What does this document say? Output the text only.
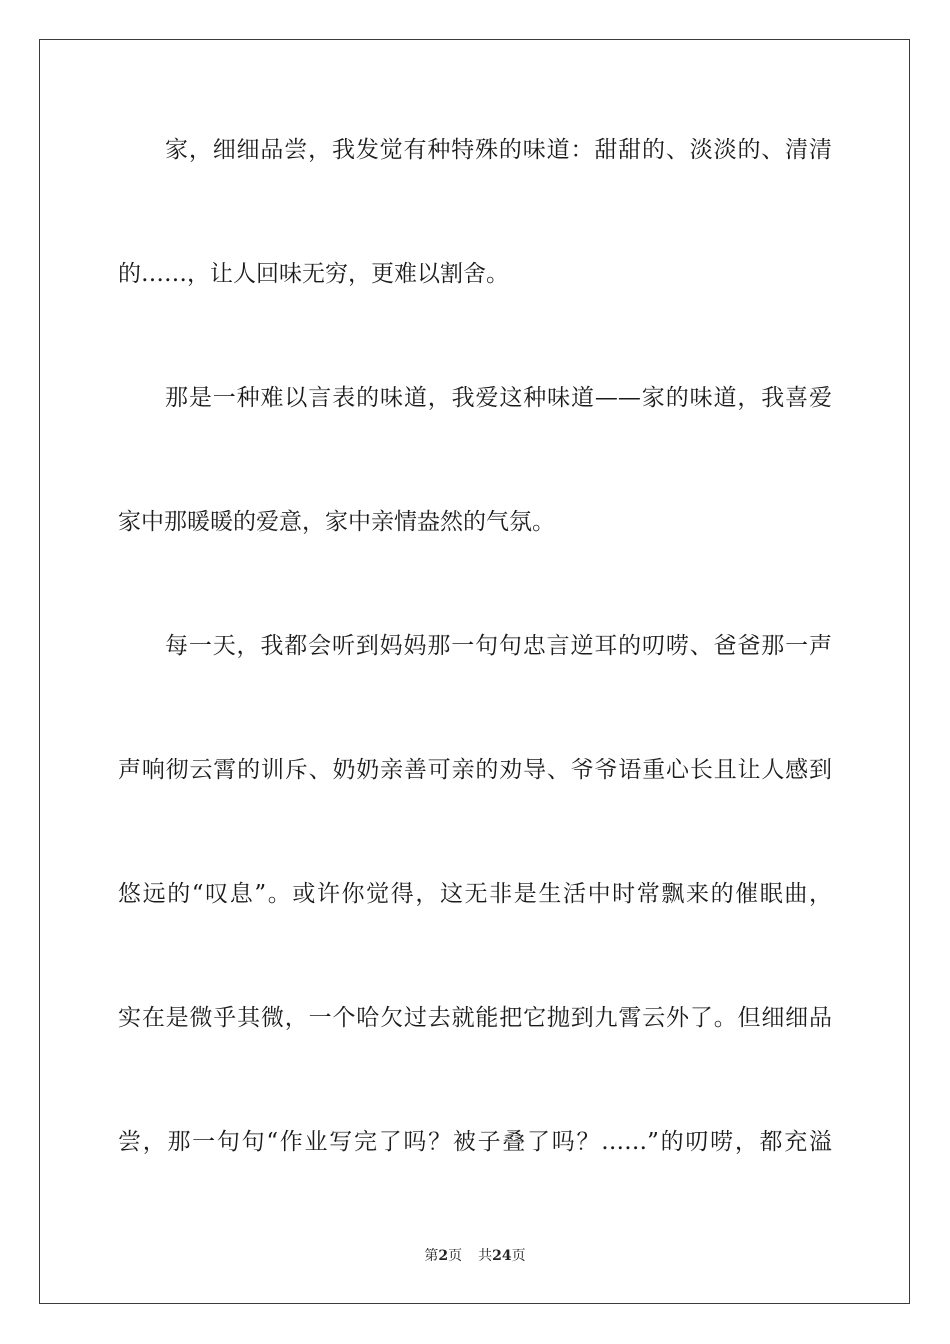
家，细细品尝，我发觉有种特殊的味道：甜甜的、淡淡的、清清
的……，让人回味无穷，更难以割舍。
那是一种难以言表的味道，我爱这种味道——家的味道，我喜爱
家中那暖暖的爱意，家中亲情盎然的气氛。
每一天，我都会听到妈妈那一句句忠言逆耳的叨唠、爸爸那一声
声响彻云霄的训斥、奶奶亲善可亲的劝导、爷爷语重心长且让人感到
悠远的“叹息”。或许你觉得，这无非是生活中时常飘来的催眠曲，
实在是微乎其微，一个哈欠过去就能把它抛到九霄云外了。但细细品
尝，那一句句“作业写完了吗？被子叠了吗？……”的叨唠，都充溢
第2页 共24页
